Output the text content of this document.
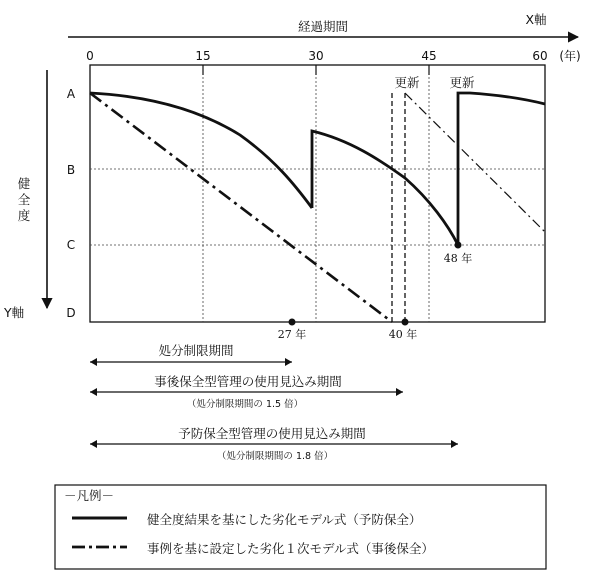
経過期間	X軸
Y軸
健
全
度
0	15	30	45	60 (年)
A
B
C
D
更新 更新
27 年	40 年
48 年
処分制限期間
事後保全型管理の使用見込み期間
（処分制限期間の 1.5 倍）
予防保全型管理の使用見込み期間
（処分制限期間の 1.8 倍）
－凡例－
健全度結果を基にした劣化モデル式（予防保全）
事例を基に設定した劣化１次モデル式（事後保全）
